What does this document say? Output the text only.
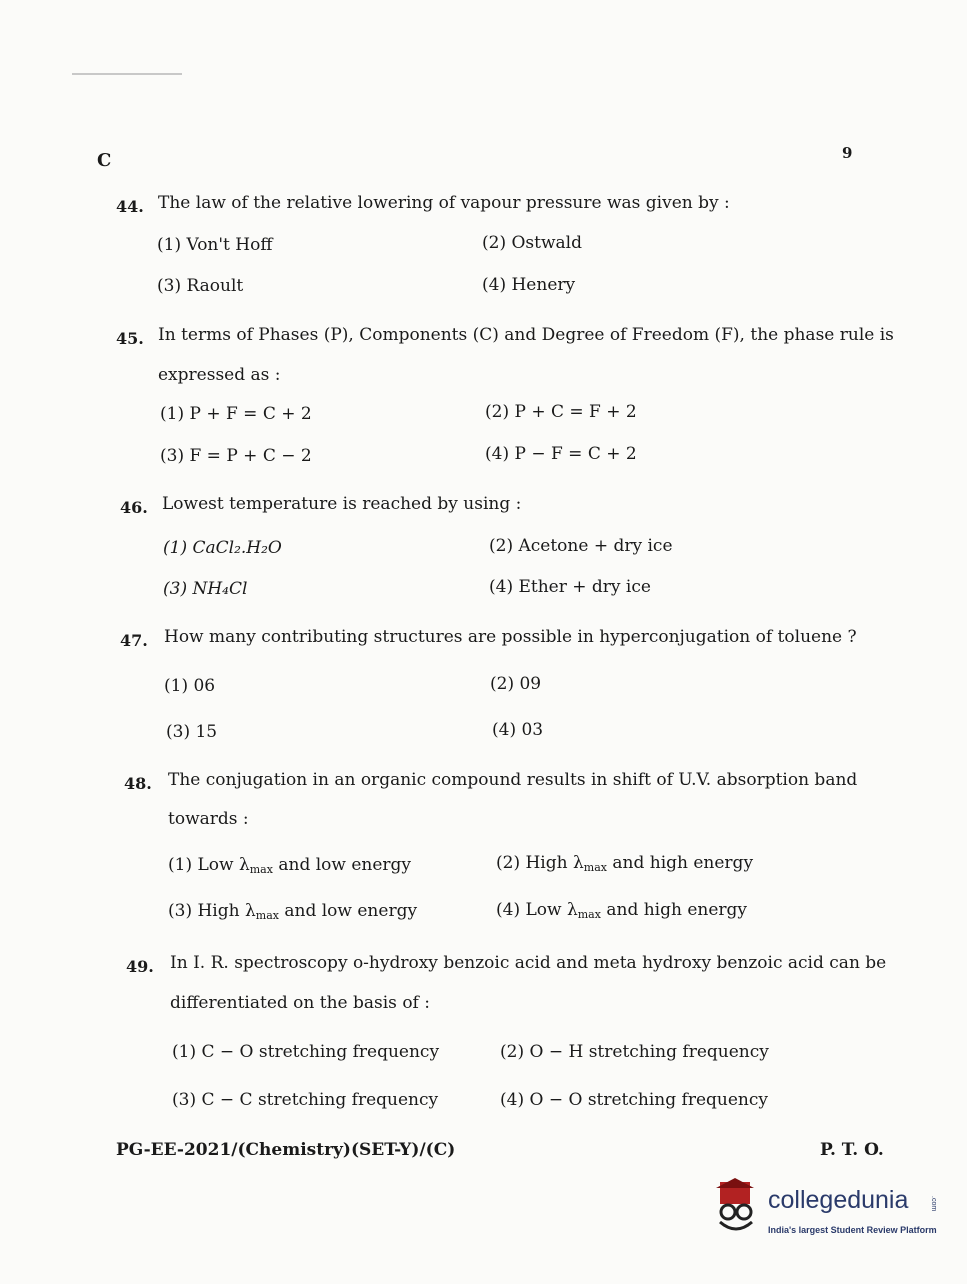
C	9
44. The law of the relative lowering of vapour pressure was given by :
(1) Von't Hoff	(2) Ostwald
(3) Raoult	(4) Henery
45. In terms of Phases (P), Components (C) and Degree of Freedom (F), the phase rule is
expressed as :
(1) P + F = C + 2	(2) P + C = F + 2
(3) F = P + C − 2	(4) P − F = C + 2
46. Lowest temperature is reached by using :
(1) CaCl₂.H₂O	(2) Acetone + dry ice
(3) NH₄Cl	(4) Ether + dry ice
47. How many contributing structures are possible in hyperconjugation of toluene ?
(1) 06	(2) 09
(3) 15	(4) 03
48. The conjugation in an organic compound results in shift of U.V. absorption band
towards :
(1) Low $\lambda_{max}$ and low energy	(2) High $\lambda_{max}$ and high energy
(3) High $\lambda_{max}$ and low energy	(4) Low $\lambda_{max}$ and high energy
49. In I. R. spectroscopy o-hydroxy benzoic acid and meta hydroxy benzoic acid can be
differentiated on the basis of :
(1) C − O stretching frequency	(2) O − H stretching frequency
(3) C − C stretching frequency	(4) O − O stretching frequency
PG-EE-2021/(Chemistry)(SET-Y)/(C)	P. T. O.
.com
collegedunia
India's largest Student Review Platform
